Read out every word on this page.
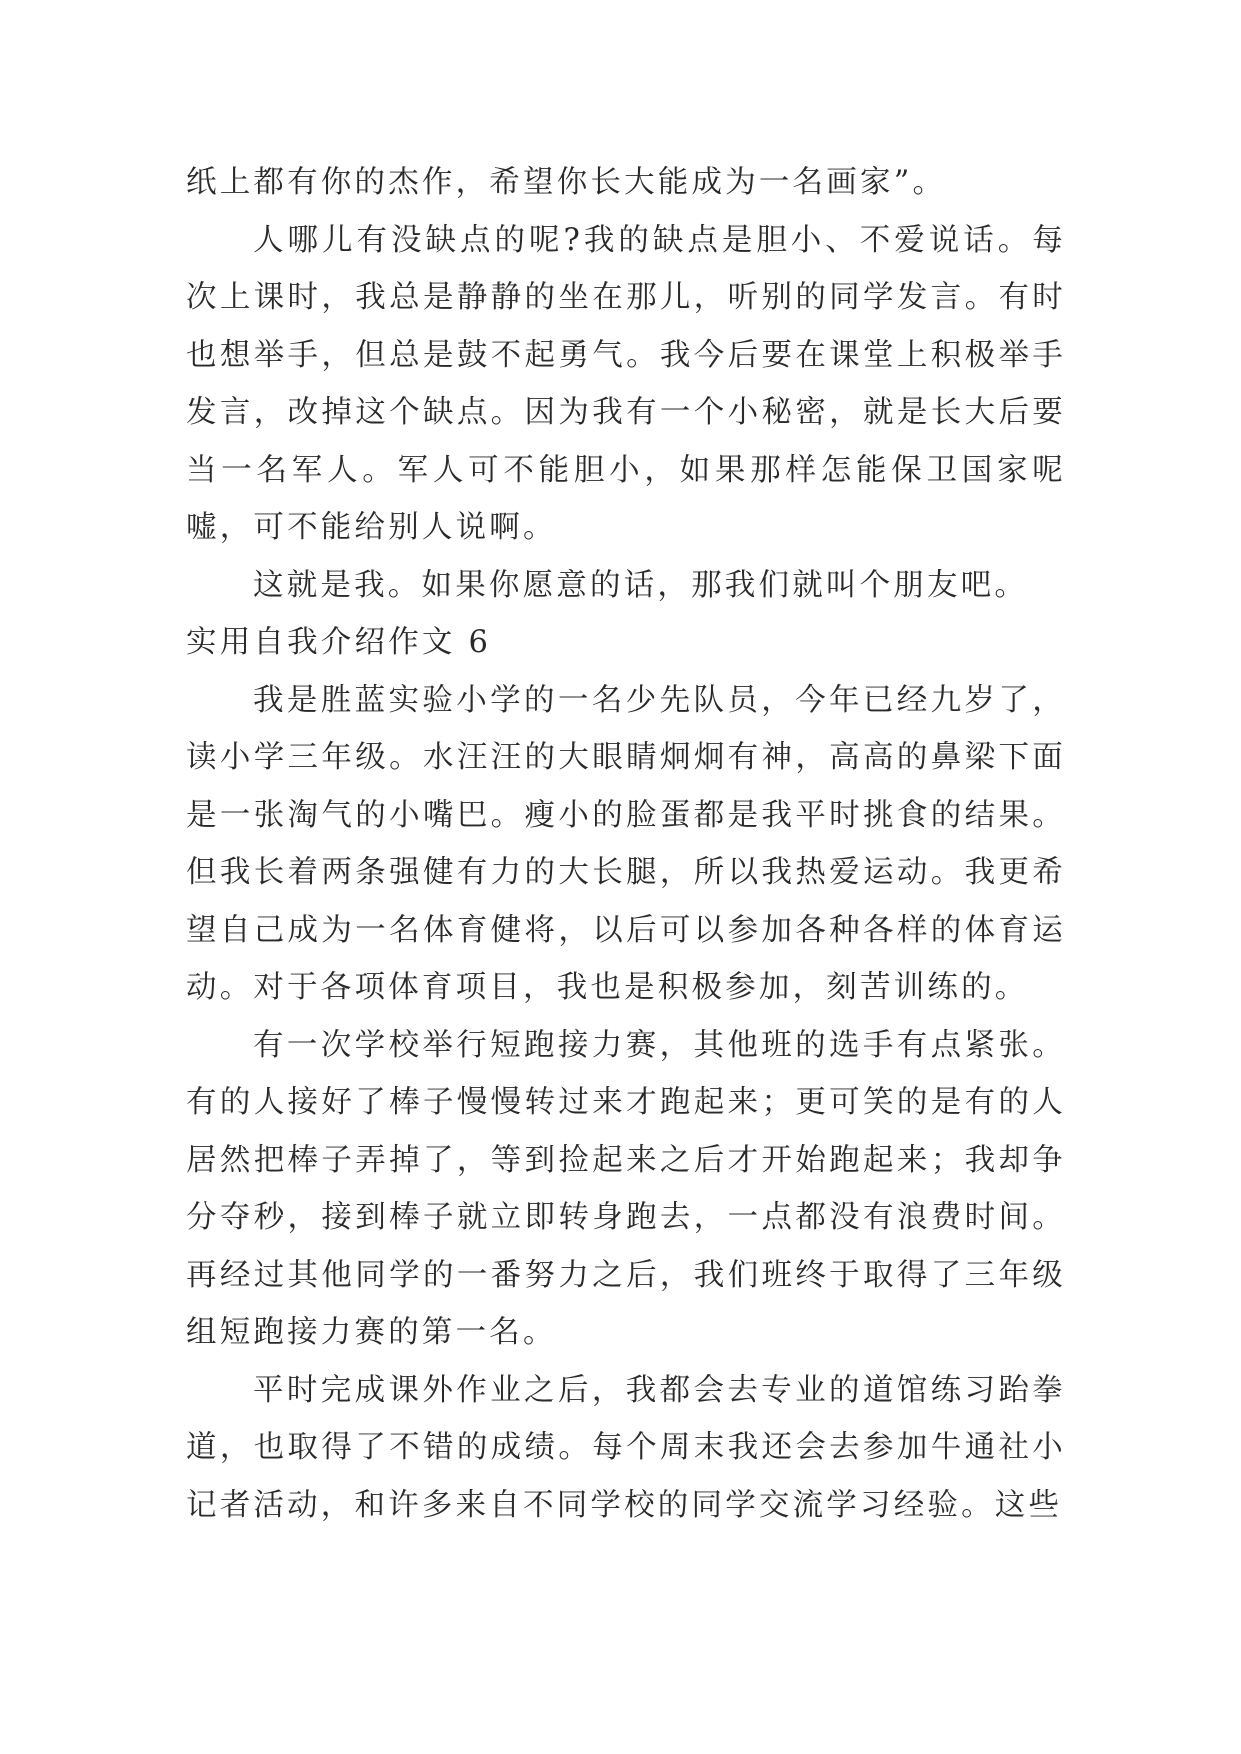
纸上都有你的杰作，希望你长大能成为一名画家”。

人哪儿有没缺点的呢?我的缺点是胆小、不爱说话。每次上课时，我总是静静的坐在那儿，听别的同学发言。有时也想举手，但总是鼓不起勇气。我今后要在课堂上积极举手发言，改掉这个缺点。因为我有一个小秘密，就是长大后要当一名军人。军人可不能胆小，如果那样怎能保卫国家呢嘘，可不能给别人说啊。

这就是我。如果你愿意的话，那我们就叫个朋友吧。

实用自我介绍作文 6

我是胜蓝实验小学的一名少先队员，今年已经九岁了，读小学三年级。水汪汪的大眼睛炯炯有神，高高的鼻梁下面是一张淘气的小嘴巴。瘦小的脸蛋都是我平时挑食的结果。但我长着两条强健有力的大长腿，所以我热爱运动。我更希望自己成为一名体育健将，以后可以参加各种各样的体育运动。对于各项体育项目，我也是积极参加，刻苦训练的。

有一次学校举行短跑接力赛，其他班的选手有点紧张。有的人接好了棒子慢慢转过来才跑起来；更可笑的是有的人居然把棒子弄掉了，等到捡起来之后才开始跑起来；我却争分夺秒，接到棒子就立即转身跑去，一点都没有浪费时间。再经过其他同学的一番努力之后，我们班终于取得了三年级组短跑接力赛的第一名。

平时完成课外作业之后，我都会去专业的道馆练习跆拳道，也取得了不错的成绩。每个周末我还会去参加牛通社小记者活动，和许多来自不同学校的同学交流学习经验。这些
